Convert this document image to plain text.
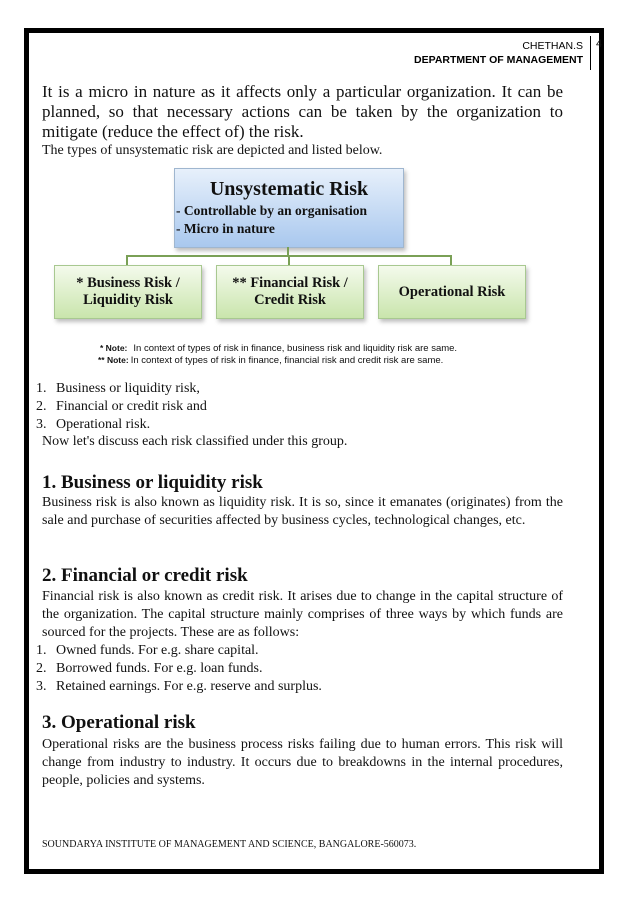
CHETHAN.S
DEPARTMENT OF MANAGEMENT
4
It is a micro in nature as it affects only a particular organization. It can be planned, so that necessary actions can be taken by the organization to mitigate (reduce the effect of) the risk.
The types of unsystematic risk are depicted and listed below.
Unsystematic Risk
- Controllable by an organisation
- Micro in nature
* Business Risk /
Liquidity Risk
** Financial Risk /
Credit Risk
Operational Risk
* Note: In context of types of risk in finance, business risk and liquidity risk are same.
** Note: In context of types of risk in finance, financial risk and credit risk are same.
1. Business or liquidity risk,
2. Financial or credit risk and
3. Operational risk.
Now let's discuss each risk classified under this group.
1. Business or liquidity risk
Business risk is also known as liquidity risk. It is so, since it emanates (originates) from the sale and purchase of securities affected by business cycles, technological changes, etc.
2. Financial or credit risk
Financial risk is also known as credit risk. It arises due to change in the capital structure of the organization. The capital structure mainly comprises of three ways by which funds are sourced for the projects. These are as follows:
1. Owned funds. For e.g. share capital.
2. Borrowed funds. For e.g. loan funds.
3. Retained earnings. For e.g. reserve and surplus.
3. Operational risk
Operational risks are the business process risks failing due to human errors. This risk will change from industry to industry. It occurs due to breakdowns in the internal procedures, people, policies and systems.
SOUNDARYA INSTITUTE OF MANAGEMENT AND SCIENCE, BANGALORE-560073.
